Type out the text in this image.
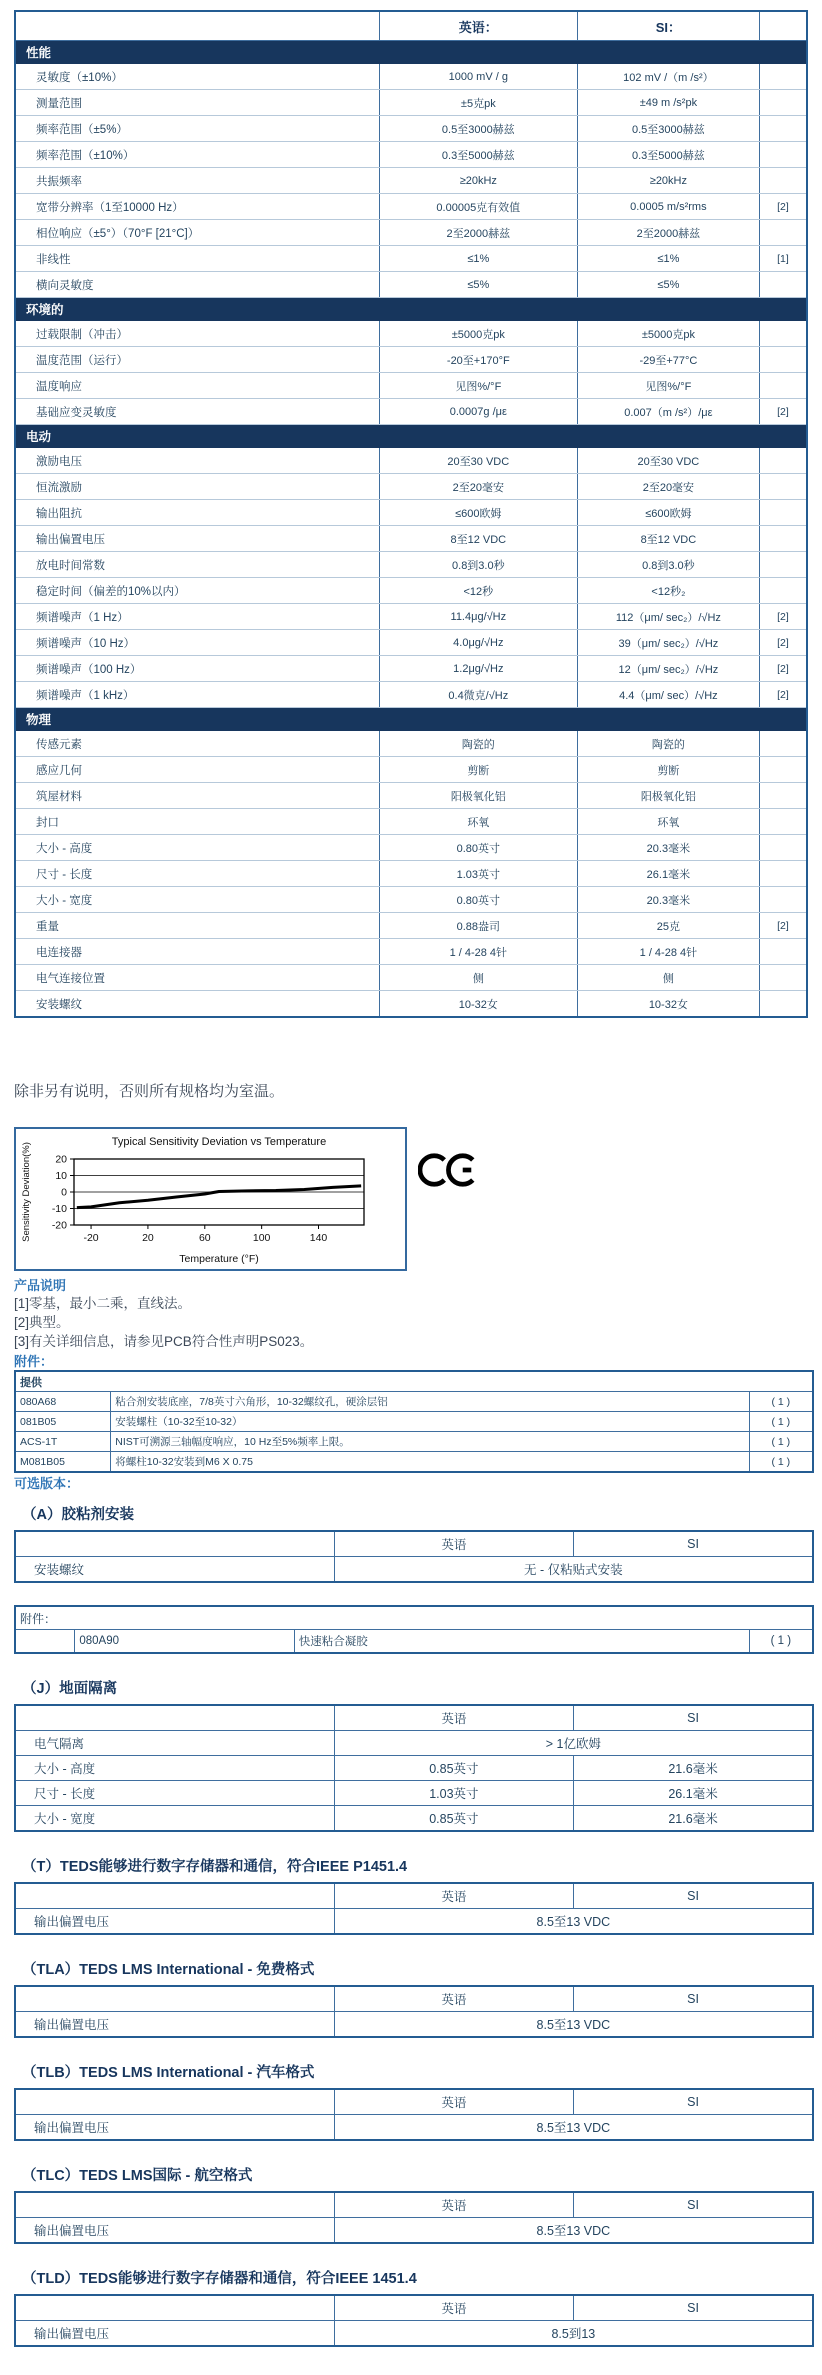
	英语：	SI：	
性能			
灵敏度（±10%）	1000 mV / g	102 mV /（m /s²）	
测量范围	±5克pk	±49 m /s²pk	
频率范围（±5%）	0.5至3000赫兹	0.5至3000赫兹	
频率范围（±10%）	0.3至5000赫兹	0.3至5000赫兹	
共振频率	≥20kHz	≥20kHz	
宽带分辨率（1至10000 Hz）	0.00005克有效值	0.0005 m/s²rms	[2]
相位响应（±5°）（70°F [21°C]）	2至2000赫兹	2至2000赫兹	
非线性	≤1%	≤1%	[1]
横向灵敏度	≤5%	≤5%	
环境的			
过载限制（冲击）	±5000克pk	±5000克pk	
温度范围（运行）	-20至+170°F	-29至+77°C	
温度响应	见图%/°F	见图%/°F	
基础应变灵敏度	0.0007g /με	0.007（m /s²）/με	[2]
电动			
激励电压	20至30 VDC	20至30 VDC	
恒流激励	2至20毫安	2至20毫安	
输出阻抗	≤600欧姆	≤600欧姆	
输出偏置电压	8至12 VDC	8至12 VDC	
放电时间常数	0.8到3.0秒	0.8到3.0秒	
稳定时间（偏差的10%以内）	<12秒	<12秒₂	
频谱噪声（1 Hz）	11.4μg/√Hz	112（μm/ sec₂）/√Hz	[2]
频谱噪声（10 Hz）	4.0μg/√Hz	39（μm/ sec₂）/√Hz	[2]
频谱噪声（100 Hz）	1.2μg/√Hz	12（μm/ sec₂）/√Hz	[2]
频谱噪声（1 kHz）	0.4微克/√Hz	4.4（μm/ sec）/√Hz	[2]
物理			
传感元素	陶瓷的	陶瓷的	
感应几何	剪断	剪断	
筑屋材料	阳极氧化铝	阳极氧化铝	
封口	环氧	环氧	
大小 - 高度	0.80英寸	20.3毫米	
尺寸 - 长度	1.03英寸	26.1毫米	
大小 - 宽度	0.80英寸	20.3毫米	
重量	0.88盎司	25克	[2]
电连接器	1 / 4-28 4针	1 / 4-28 4针	
电气连接位置	侧	侧	
安装螺纹	10-32女	10-32女	

除非另有说明，否则所有规格均为室温。

Typical Sensitivity Deviation vs Temperature
Sensitivity Deviation(%) 20
10
0
-10
-20
-20	20	60	100	140
Temperature (°F)
产品说明
[1]零基，最小二乘，直线法。
[2]典型。
[3]有关详细信息，请参见PCB符合性声明PS023。
附件：
提供		
080A68	粘合剂安装底座，7/8英寸六角形，10-32螺纹孔，硬涂层铝	( 1 )
081B05	安装螺柱（10-32至10-32）	( 1 )
ACS-1T	NIST可溯源三轴幅度响应，10 Hz至5%频率上限。	( 1 )
M081B05	将螺柱10-32安装到M6 X 0.75	( 1 )
可选版本：
（A）胶粘剂安装
	英语	SI
安装螺纹	无 - 仅粘贴式安装	
附件：
	080A90	快速粘合凝胶	( 1 )
（J）地面隔离
	英语	SI
电气隔离	> 1亿欧姆	
大小 - 高度	0.85英寸	21.6毫米
尺寸 - 长度	1.03英寸	26.1毫米
大小 - 宽度	0.85英寸	21.6毫米
（T）TEDS能够进行数字存储器和通信，符合IEEE P1451.4
	英语	SI
输出偏置电压	8.5至13 VDC	
（TLA）TEDS LMS International - 免费格式
	英语	SI
输出偏置电压	8.5至13 VDC	
（TLB）TEDS LMS International - 汽车格式
	英语	SI
输出偏置电压	8.5至13 VDC	
（TLC）TEDS LMS国际 - 航空格式
	英语	SI
输出偏置电压	8.5至13 VDC	
（TLD）TEDS能够进行数字存储器和通信，符合IEEE 1451.4
	英语	SI
输出偏置电压	8.5到13	
